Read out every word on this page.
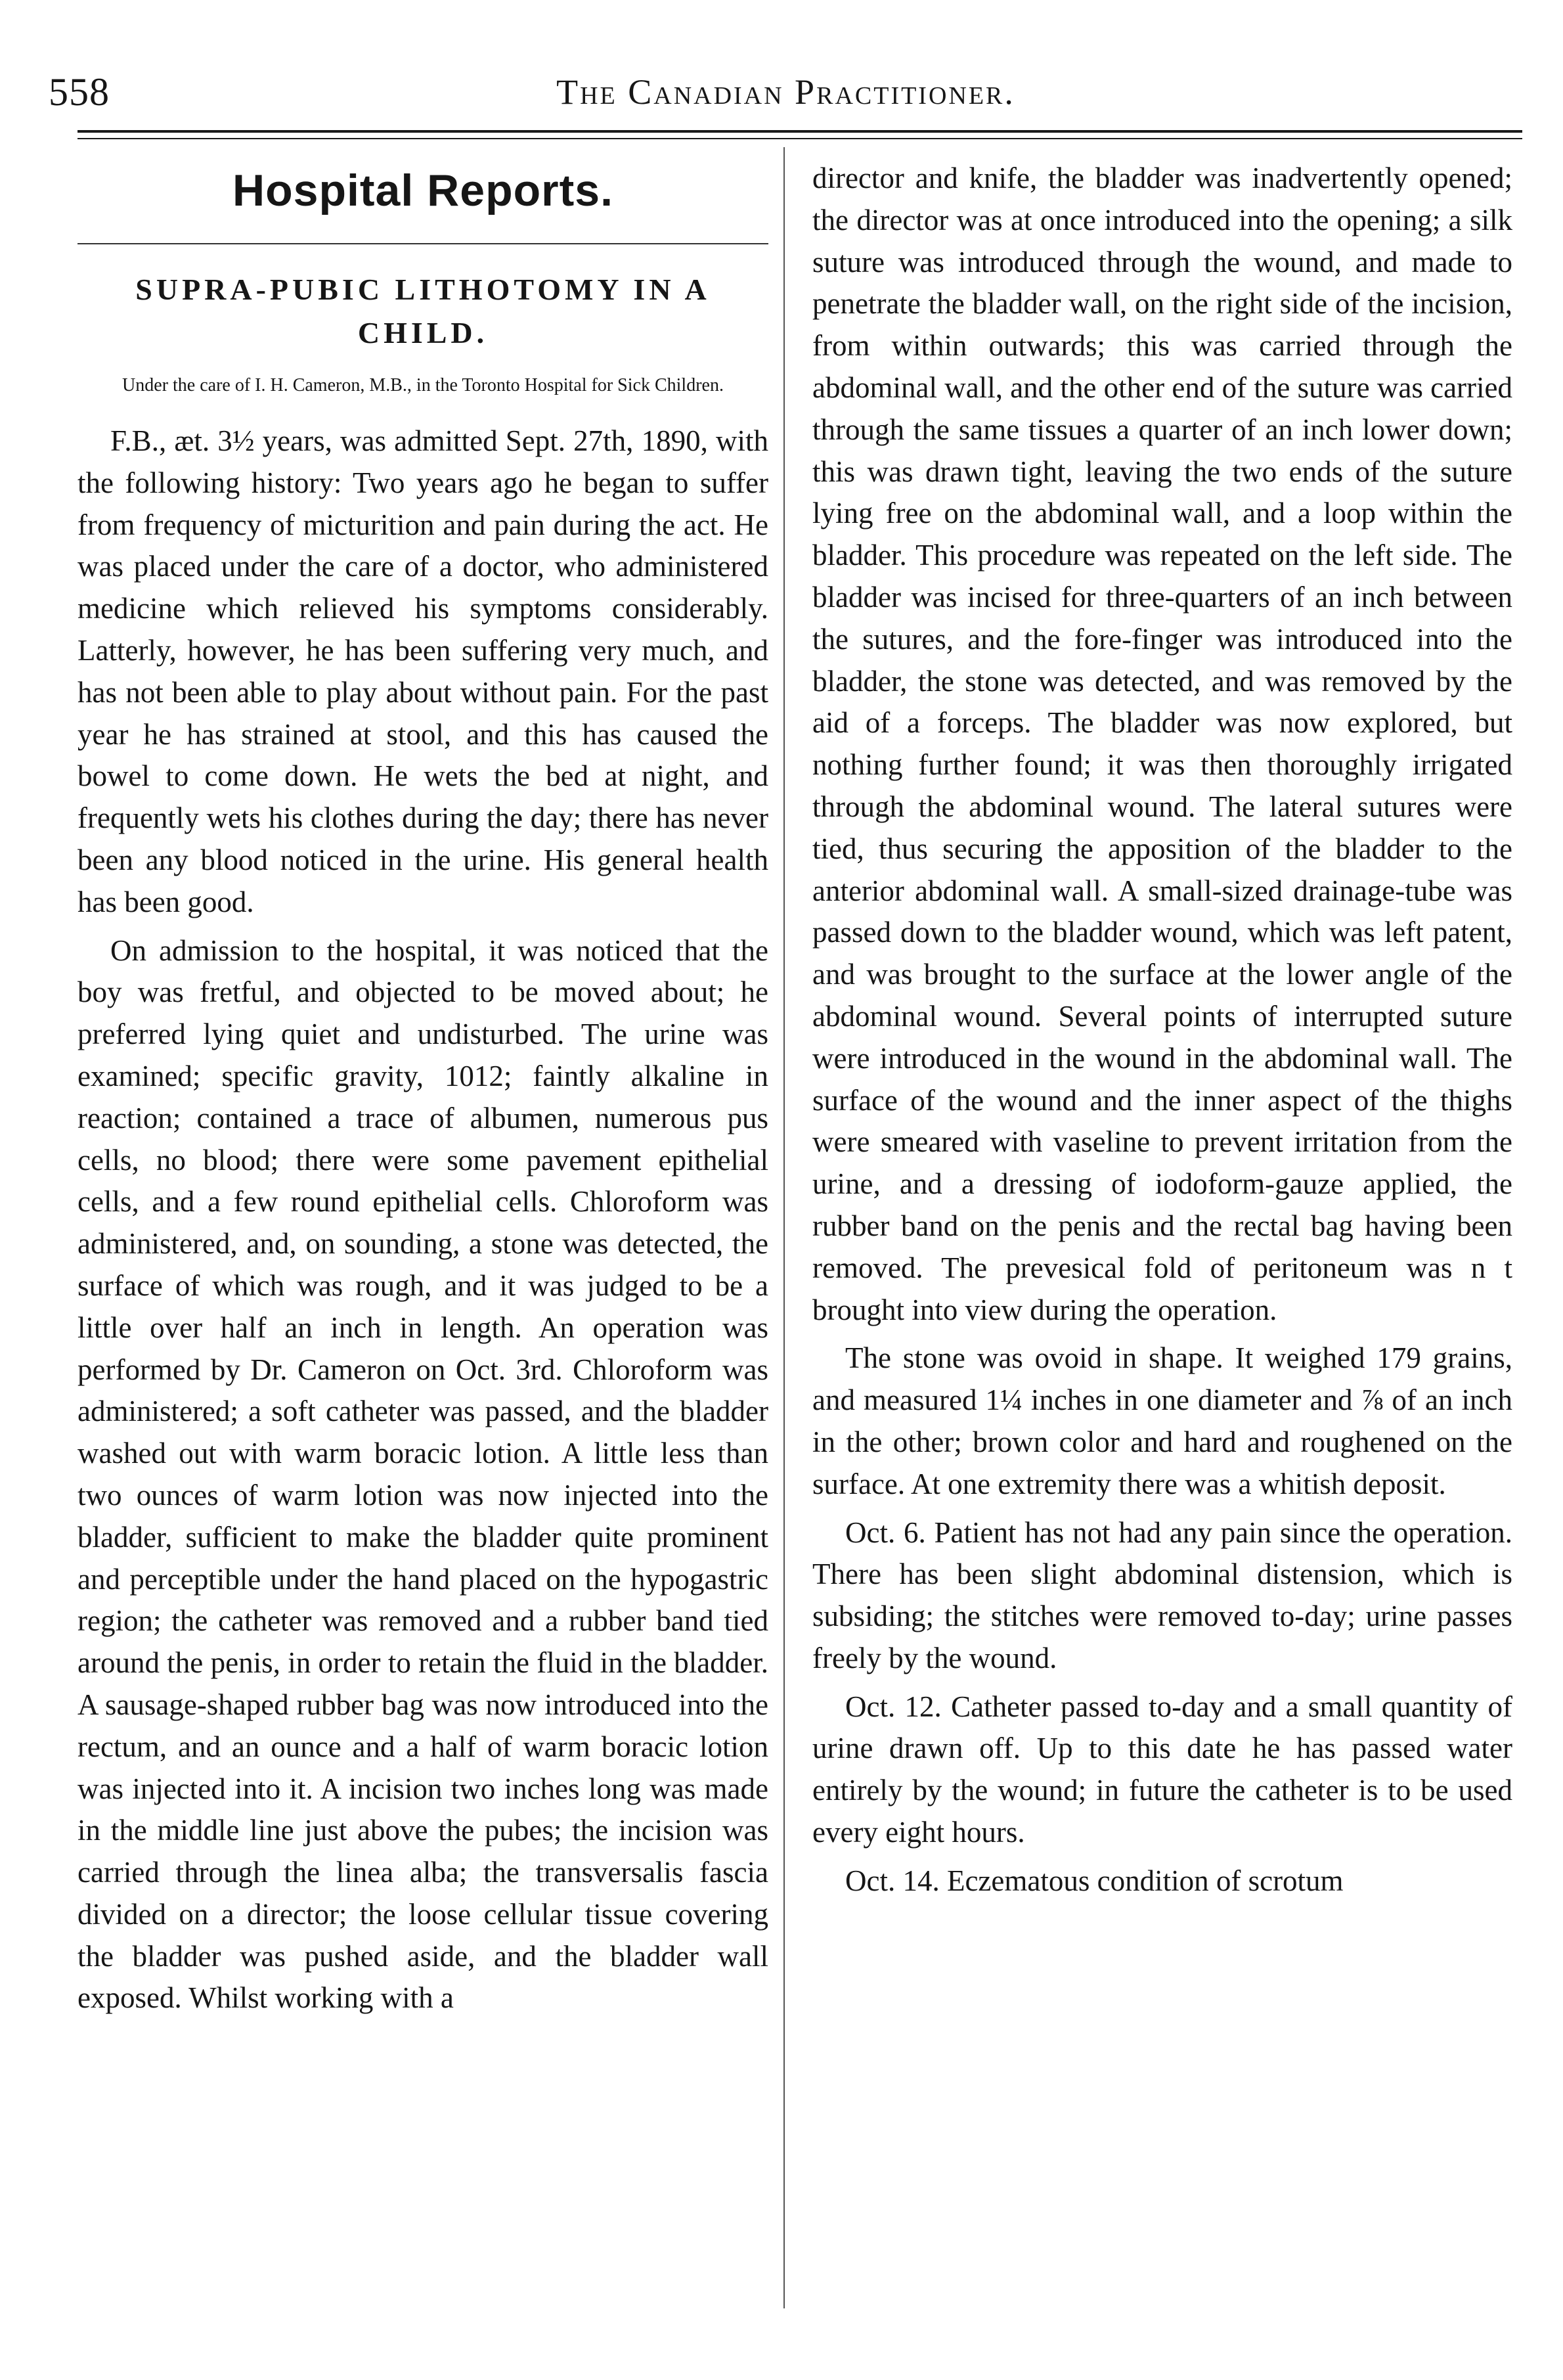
558	The Canadian Practitioner.
Hospital Reports.
SUPRA-PUBIC LITHOTOMY IN A CHILD.

Under the care of I. H. Cameron, M.B., in the Toronto Hospital for Sick Children.

F.B., æt. 3½ years, was admitted Sept. 27th, 1890, with the following history: Two years ago he began to suffer from frequency of micturition and pain during the act. He was placed under the care of a doctor, who administered medicine which relieved his symptoms considerably. Latterly, however, he has been suffering very much, and has not been able to play about without pain. For the past year he has strained at stool, and this has caused the bowel to come down. He wets the bed at night, and frequently wets his clothes during the day; there has never been any blood noticed in the urine. His general health has been good.

On admission to the hospital, it was noticed that the boy was fretful, and objected to be moved about; he preferred lying quiet and undisturbed. The urine was examined; specific gravity, 1012; faintly alkaline in reaction; contained a trace of albumen, numerous pus cells, no blood; there were some pavement epithelial cells, and a few round epithelial cells. Chloroform was administered, and, on sounding, a stone was detected, the surface of which was rough, and it was judged to be a little over half an inch in length. An operation was performed by Dr. Cameron on Oct. 3rd. Chloroform was administered; a soft catheter was passed, and the bladder washed out with warm boracic lotion. A little less than two ounces of warm lotion was now injected into the bladder, sufficient to make the bladder quite prominent and perceptible under the hand placed on the hypogastric region; the catheter was removed and a rubber band tied around the penis, in order to retain the fluid in the bladder. A sausage-shaped rubber bag was now introduced into the rectum, and an ounce and a half of warm boracic lotion was injected into it. A incision two inches long was made in the middle line just above the pubes; the incision was carried through the linea alba; the transversalis fascia divided on a director; the loose cellular tissue covering the bladder was pushed aside, and the bladder wall exposed. Whilst working with a

director and knife, the bladder was inadvertently opened; the director was at once introduced into the opening; a silk suture was introduced through the wound, and made to penetrate the bladder wall, on the right side of the incision, from within outwards; this was carried through the abdominal wall, and the other end of the suture was carried through the same tissues a quarter of an inch lower down; this was drawn tight, leaving the two ends of the suture lying free on the abdominal wall, and a loop within the bladder. This procedure was repeated on the left side. The bladder was incised for three-quarters of an inch between the sutures, and the fore-finger was introduced into the bladder, the stone was detected, and was removed by the aid of a forceps. The bladder was now explored, but nothing further found; it was then thoroughly irrigated through the abdominal wound. The lateral sutures were tied, thus securing the apposition of the bladder to the anterior abdominal wall. A small-sized drainage-tube was passed down to the bladder wound, which was left patent, and was brought to the surface at the lower angle of the abdominal wound. Several points of interrupted suture were introduced in the wound in the abdominal wall. The surface of the wound and the inner aspect of the thighs were smeared with vaseline to prevent irritation from the urine, and a dressing of iodoform-gauze applied, the rubber band on the penis and the rectal bag having been removed. The prevesical fold of peritoneum was n t brought into view during the operation.

The stone was ovoid in shape. It weighed 179 grains, and measured 1¼ inches in one diameter and ⅞ of an inch in the other; brown color and hard and roughened on the surface. At one extremity there was a whitish deposit.

Oct. 6. Patient has not had any pain since the operation. There has been slight abdominal distension, which is subsiding; the stitches were removed to-day; urine passes freely by the wound.

Oct. 12. Catheter passed to-day and a small quantity of urine drawn off. Up to this date he has passed water entirely by the wound; in future the catheter is to be used every eight hours.

Oct. 14. Eczematous condition of scrotum
